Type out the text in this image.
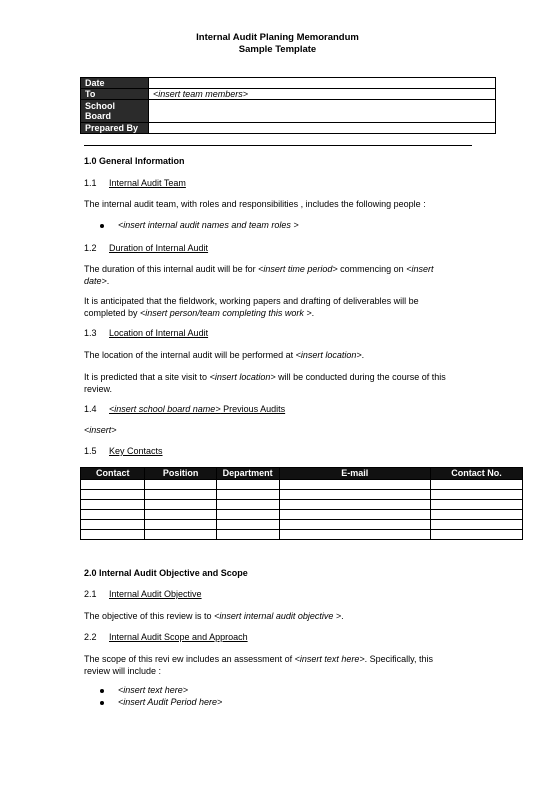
Internal Audit Planing Memorandum
Sample Template
Date	
To	<insert team members>
School
Board	
Prepared By	
1.0 General Information
1.1 Internal Audit Team
The internal audit team, with roles and responsibilities , includes the following people :
<insert internal audit names and team roles >
1.2 Duration of Internal Audit
The duration of this internal audit will be for <insert time period> commencing on <insert date>.
It is anticipated that the fieldwork, working papers and drafting of deliverables will be completed by <insert person/team completing this work >.
1.3 Location of Internal Audit
The location of the internal audit will be performed at <insert location>.
It is predicted that a site visit to <insert location> will be conducted during the course of this review.
1.4 <insert school board name> Previous Audits
<insert>
1.5 Key Contacts
Contact	Position	Department	E-mail	Contact No.

2.0 Internal Audit Objective and Scope
2.1 Internal Audit Objective
The objective of this review is to <insert internal audit objective >.
2.2 Internal Audit Scope and Approach
The scope of this revi ew includes an assessment of <insert text here>. Specifically, this review will include :
<insert text here>
<insert Audit Period here>
